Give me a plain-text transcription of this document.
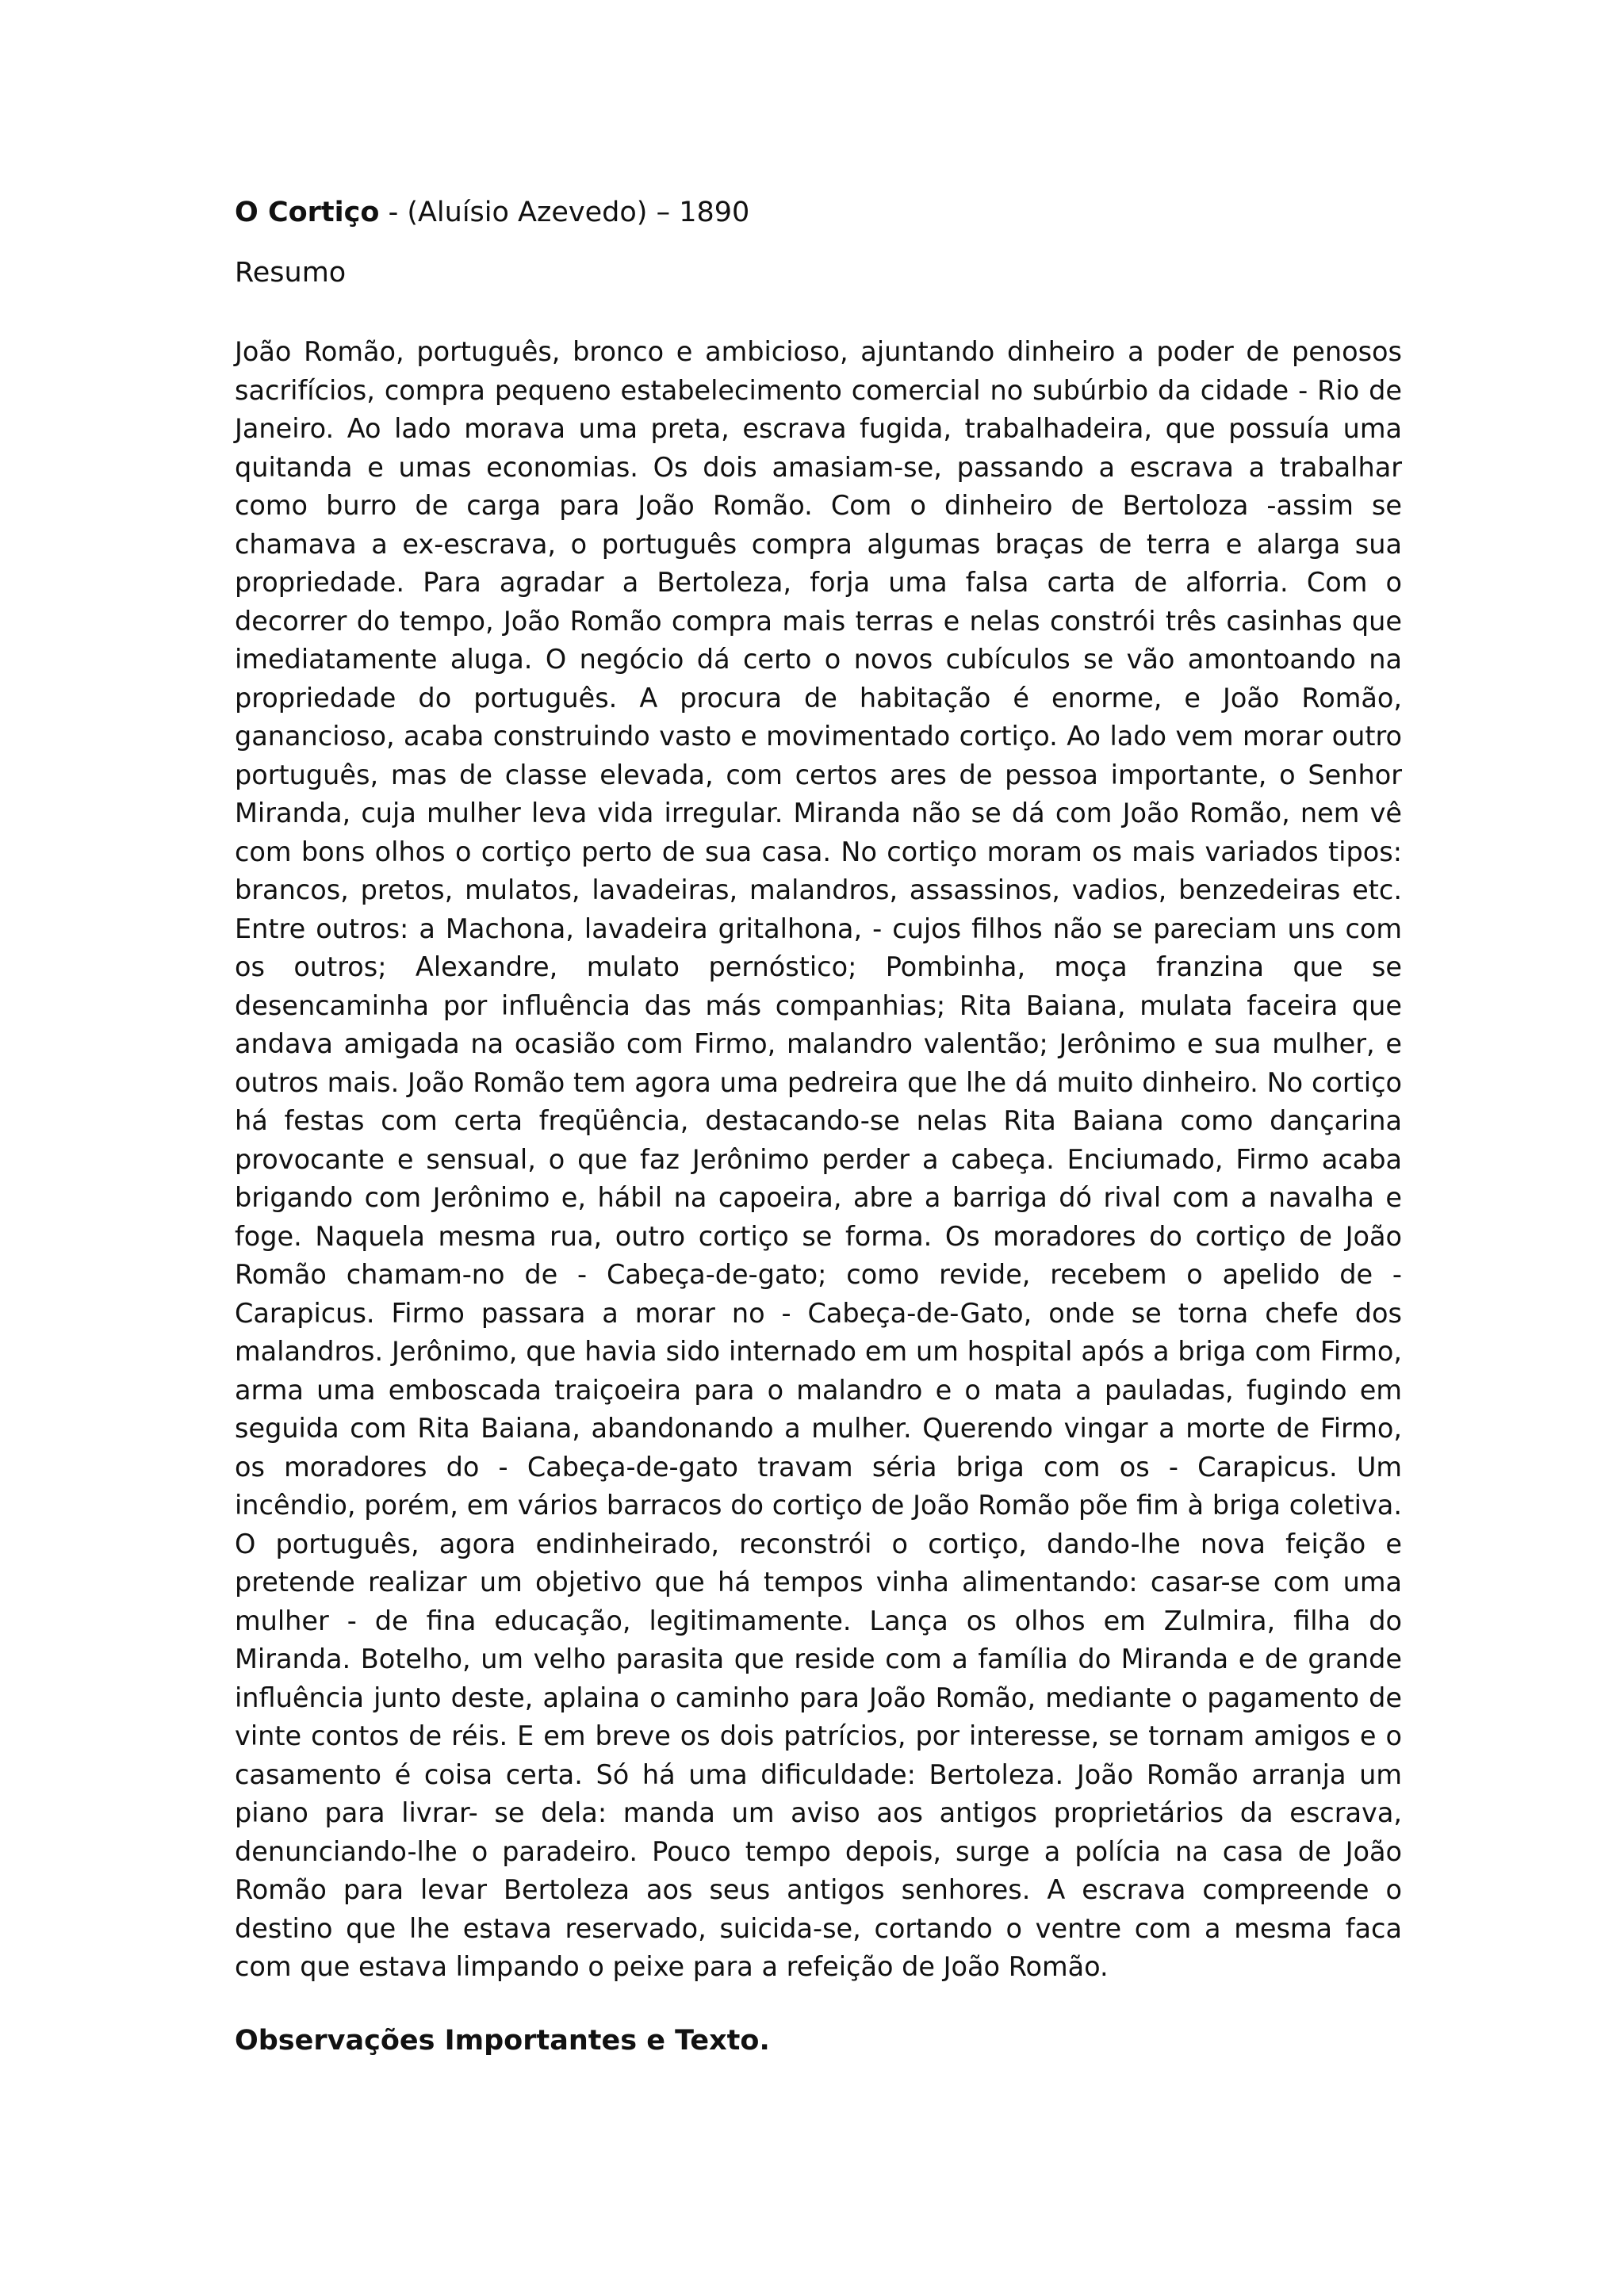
O Cortiço - (Aluísio Azevedo) – 1890

Resumo

João Romão, português, bronco e ambicioso, ajuntando dinheiro a poder de penosos sacrifícios, compra pequeno estabelecimento comercial no subúrbio da cidade - Rio de Janeiro. Ao lado morava uma preta, escrava fugida, trabalhadeira, que possuía uma quitanda e umas economias. Os dois amasiam-se, passando a escrava a trabalhar como burro de carga para João Romão. Com o dinheiro de Bertoloza -assim se chamava a ex-escrava, o português compra algumas braças de terra e alarga sua propriedade. Para agradar a Bertoleza, forja uma falsa carta de alforria. Com o decorrer do tempo, João Romão compra mais terras e nelas constrói três casinhas que imediatamente aluga. O negócio dá certo o novos cubículos se vão amontoando na propriedade do português. A procura de habitação é enorme, e João Romão, ganancioso, acaba construindo vasto e movimentado cortiço. Ao lado vem morar outro português, mas de classe elevada, com certos ares de pessoa importante, o Senhor Miranda, cuja mulher leva vida irregular. Miranda não se dá com João Romão, nem vê com bons olhos o cortiço perto de sua casa. No cortiço moram os mais variados tipos: brancos, pretos, mulatos, lavadeiras, malandros, assassinos, vadios, benzedeiras etc. Entre outros: a Machona, lavadeira gritalhona, - cujos filhos não se pareciam uns com os outros; Alexandre, mulato pernóstico; Pombinha, moça franzina que se desencaminha por influência das más companhias; Rita Baiana, mulata faceira que andava amigada na ocasião com Firmo, malandro valentão; Jerônimo e sua mulher, e outros mais. João Romão tem agora uma pedreira que lhe dá muito dinheiro. No cortiço há festas com certa freqüência, destacando-se nelas Rita Baiana como dançarina provocante e sensual, o que faz Jerônimo perder a cabeça. Enciumado, Firmo acaba brigando com Jerônimo e, hábil na capoeira, abre a barriga dó rival com a navalha e foge. Naquela mesma rua, outro cortiço se forma. Os moradores do cortiço de João Romão chamam-no de - Cabeça-de-gato; como revide, recebem o apelido de - Carapicus. Firmo passara a morar no - Cabeça-de-Gato, onde se torna chefe dos malandros. Jerônimo, que havia sido internado em um hospital após a briga com Firmo, arma uma emboscada traiçoeira para o malandro e o mata a pauladas, fugindo em seguida com Rita Baiana, abandonando a mulher. Querendo vingar a morte de Firmo, os moradores do - Cabeça-de-gato travam séria briga com os - Carapicus. Um incêndio, porém, em vários barracos do cortiço de João Romão põe fim à briga coletiva. O português, agora endinheirado, reconstrói o cortiço, dando-lhe nova feição e pretende realizar um objetivo que há tempos vinha alimentando: casar-se com uma mulher - de fina educação, legitimamente. Lança os olhos em Zulmira, filha do Miranda. Botelho, um velho parasita que reside com a família do Miranda e de grande influência junto deste, aplaina o caminho para João Romão, mediante o pagamento de vinte contos de réis. E em breve os dois patrícios, por interesse, se tornam amigos e o casamento é coisa certa. Só há uma dificuldade: Bertoleza. João Romão arranja um piano para livrar- se dela: manda um aviso aos antigos proprietários da escrava, denunciando-lhe o paradeiro. Pouco tempo depois, surge a polícia na casa de João Romão para levar Bertoleza aos seus antigos senhores. A escrava compreende o destino que lhe estava reservado, suicida-se, cortando o ventre com a mesma faca com que estava limpando o peixe para a refeição de João Romão.

Observações Importantes e Texto.
